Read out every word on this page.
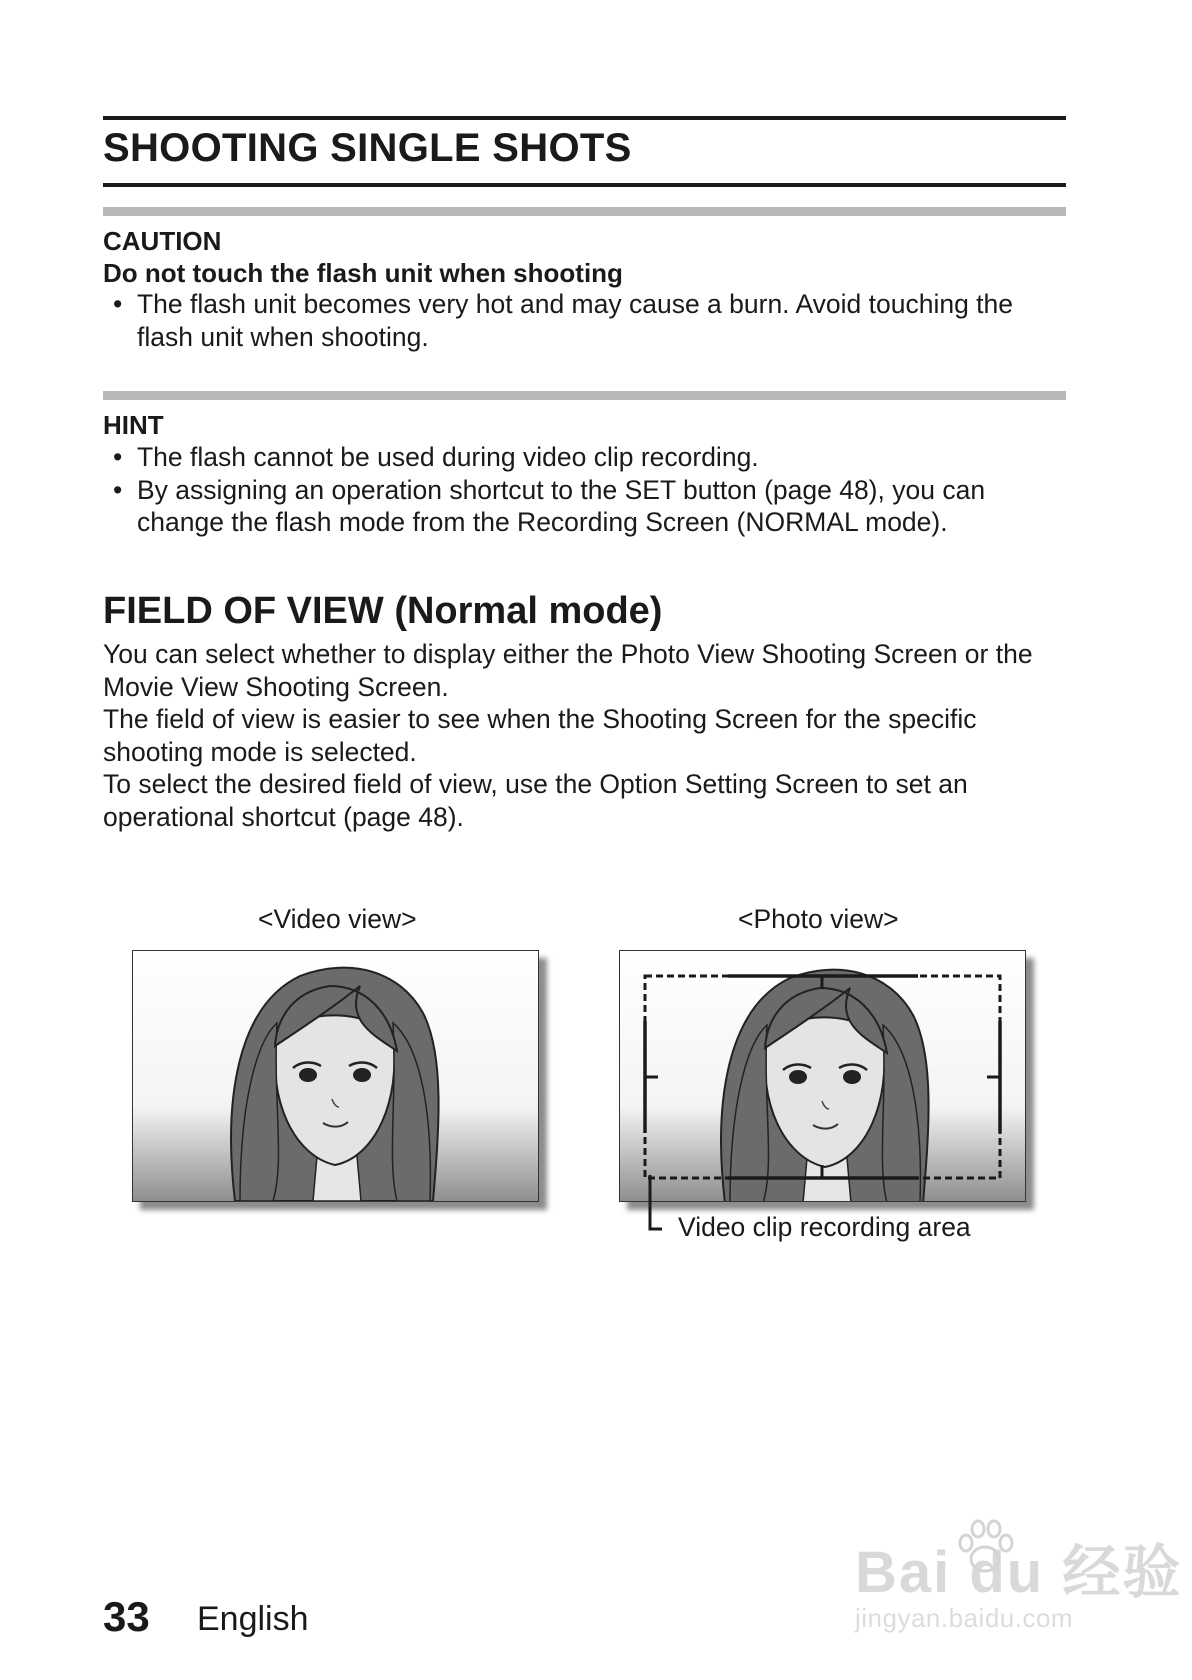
SHOOTING SINGLE SHOTS
CAUTION
Do not touch the flash unit when shooting
• The flash unit becomes very hot and may cause a burn. Avoid touching the flash unit when shooting.
HINT
• The flash cannot be used during video clip recording.
• By assigning an operation shortcut to the SET button (page 48), you can change the flash mode from the Recording Screen (NORMAL mode).
FIELD OF VIEW (Normal mode)
You can select whether to display either the Photo View Shooting Screen or the Movie View Shooting Screen.
The field of view is easier to see when the Shooting Screen for the specific shooting mode is selected.
To select the desired field of view, use the Option Setting Screen to set an operational shortcut (page 48).
<Video view>	<Photo view>
Video clip recording area
33 English
Bai du 经验
jingyan.baidu.com
